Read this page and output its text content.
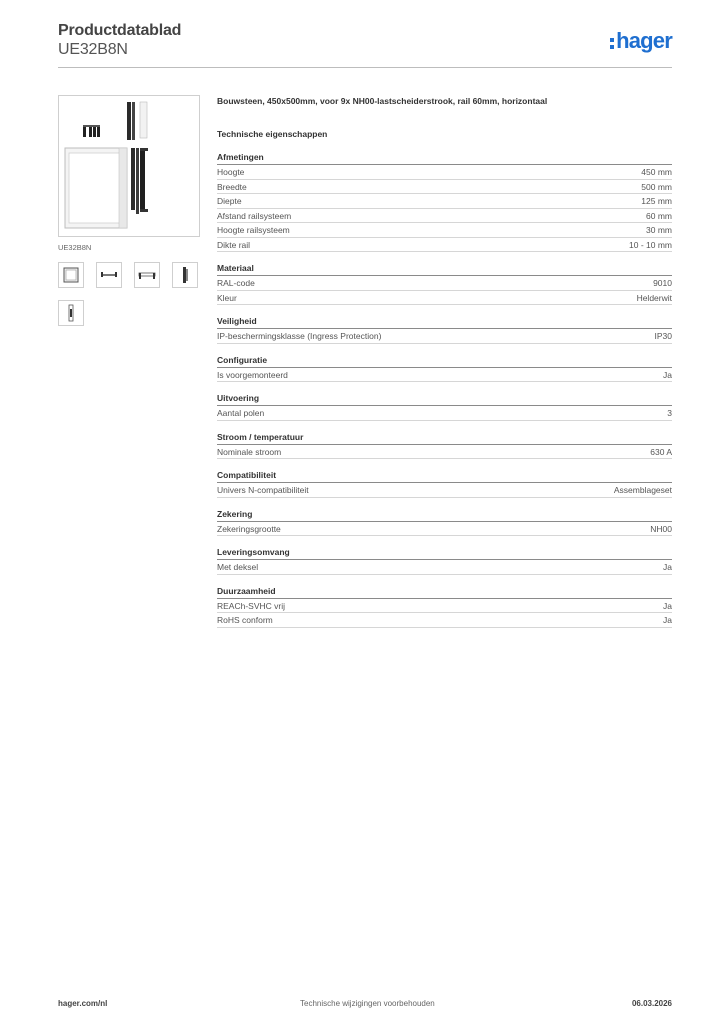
Productdatablad
UE32B8N	hager
UE32B8N
Bouwsteen, 450x500mm, voor 9x NH00-lastscheiderstrook, rail 60mm, horizontaal
Technische eigenschappen
Afmetingen
Hoogte	450 mm
Breedte	500 mm
Diepte	125 mm
Afstand railsysteem	60 mm
Hoogte railsysteem	30 mm
Dikte rail	10 - 10 mm
Materiaal
RAL-code	9010
Kleur	Helderwit
Veiligheid
IP-beschermingsklasse (Ingress Protection)	IP30
Configuratie
Is voorgemonteerd	Ja
Uitvoering
Aantal polen	3
Stroom / temperatuur
Nominale stroom	630 A
Compatibiliteit
Univers N-compatibiliteit	Assemblageset
Zekering
Zekeringsgrootte	NH00
Leveringsomvang
Met deksel	Ja
Duurzaamheid
REACh-SVHC vrij	Ja
RoHS conform	Ja
hager.com/nl	Technische wijzigingen voorbehouden	06.03.2026
